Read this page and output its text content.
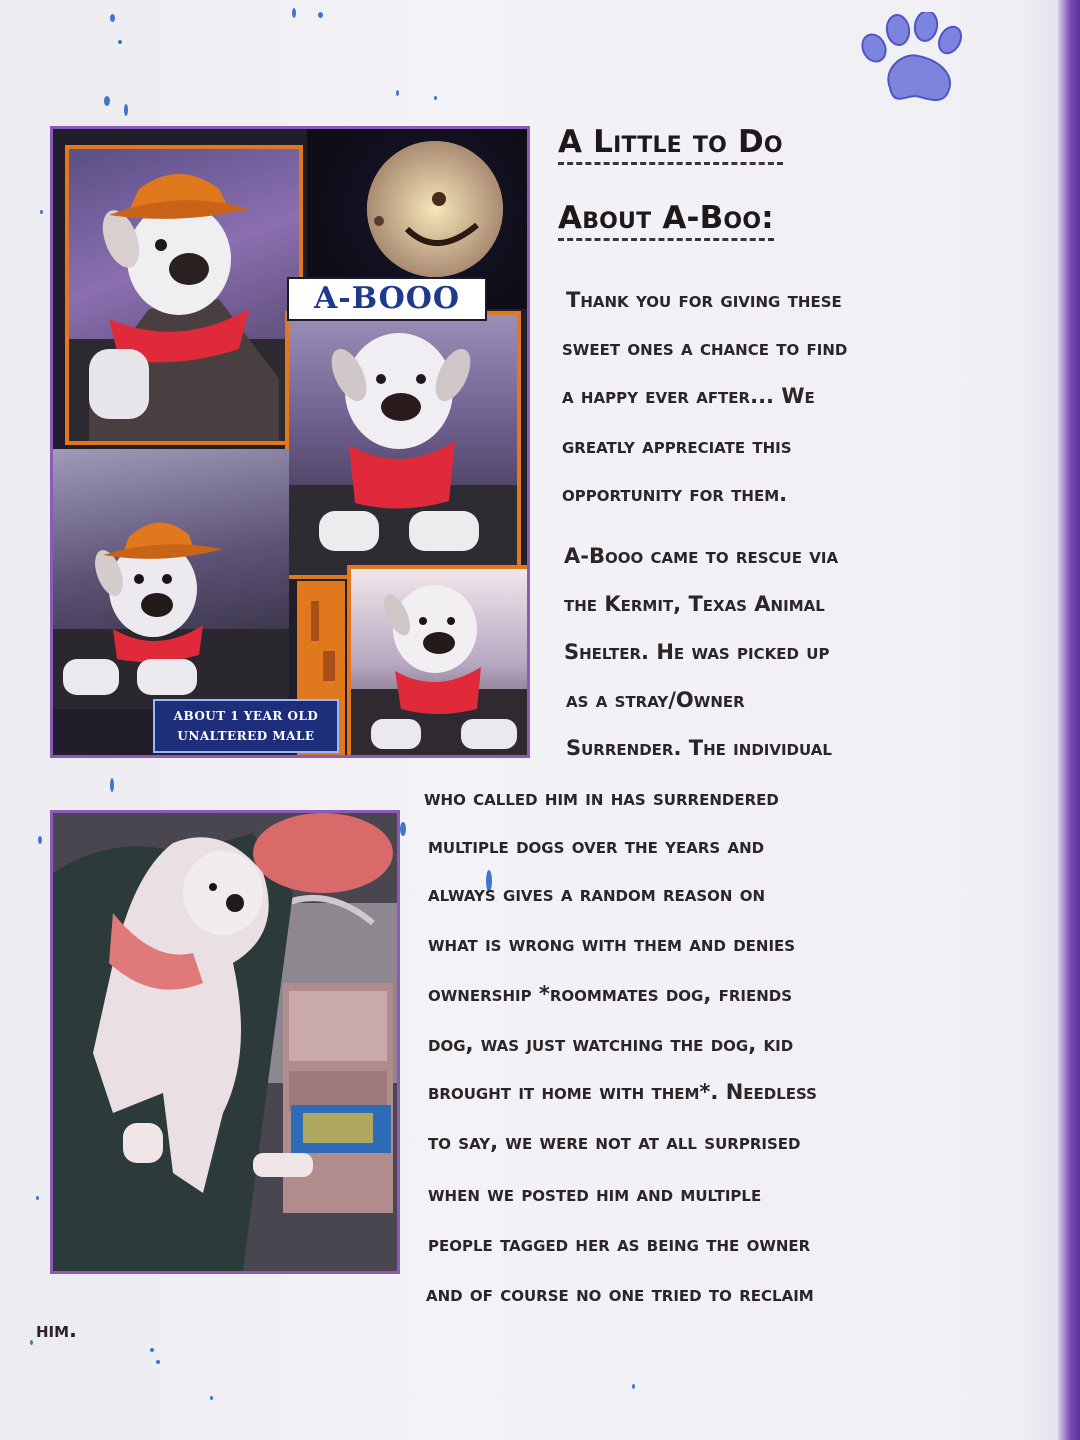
A Little to Do
About A-Boo:
A-BOOO
ABOUT 1 YEAR OLD
UNALTERED MALE
Thank you for giving these
sweet ones a chance to find
a happy ever after... We
greatly appreciate this
opportunity for them.
A-Booo came to rescue via
the Kermit, Texas Animal
Shelter. He was picked up
as a stray/Owner
Surrender. The individual
who called him in has surrendered
multiple dogs over the years and
always gives a random reason on
what is wrong with them and denies
ownership *roommates dog, friends
dog, was just watching the dog, kid
brought it home with them*. Needless
to say, we were not at all surprised
when we posted him and multiple
people tagged her as being the owner
and of course no one tried to reclaim
him.
